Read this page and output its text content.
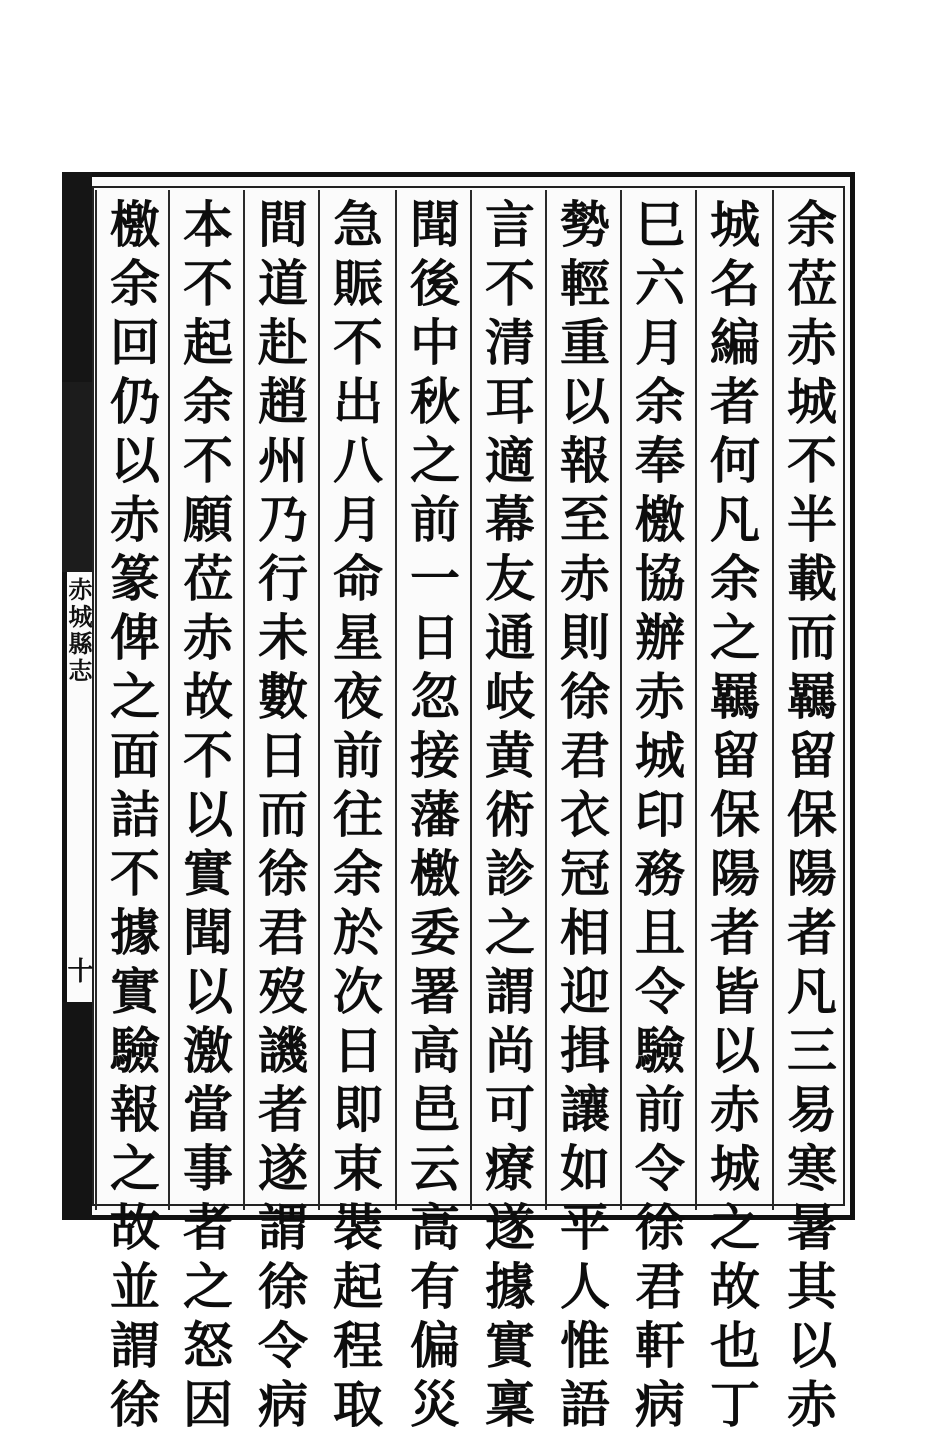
赤城縣志
十	余莅赤城不半載而羈留保陽者凡三易寒暑其以赤
城名編者何凡余之羈留保陽者皆以赤城之故也丁
巳六月余奉檄協辦赤城印務且令驗前令徐君軒病
勢輕重以報至赤則徐君衣冠相迎揖讓如平人惟語
言不清耳適幕友通岐黄術診之謂尚可療遂據實稟
聞後中秋之前一日忽接藩檄委署高邑云高有偏災
急賑不出八月命星夜前往余於次日即束裝起程取
間道赴趙州乃行未數日而徐君歿譏者遂謂徐令病
本不起余不願莅赤故不以實聞以激當事者之怒因
檄余回仍以赤篆俾之面詰不據實驗報之故並謂徐
